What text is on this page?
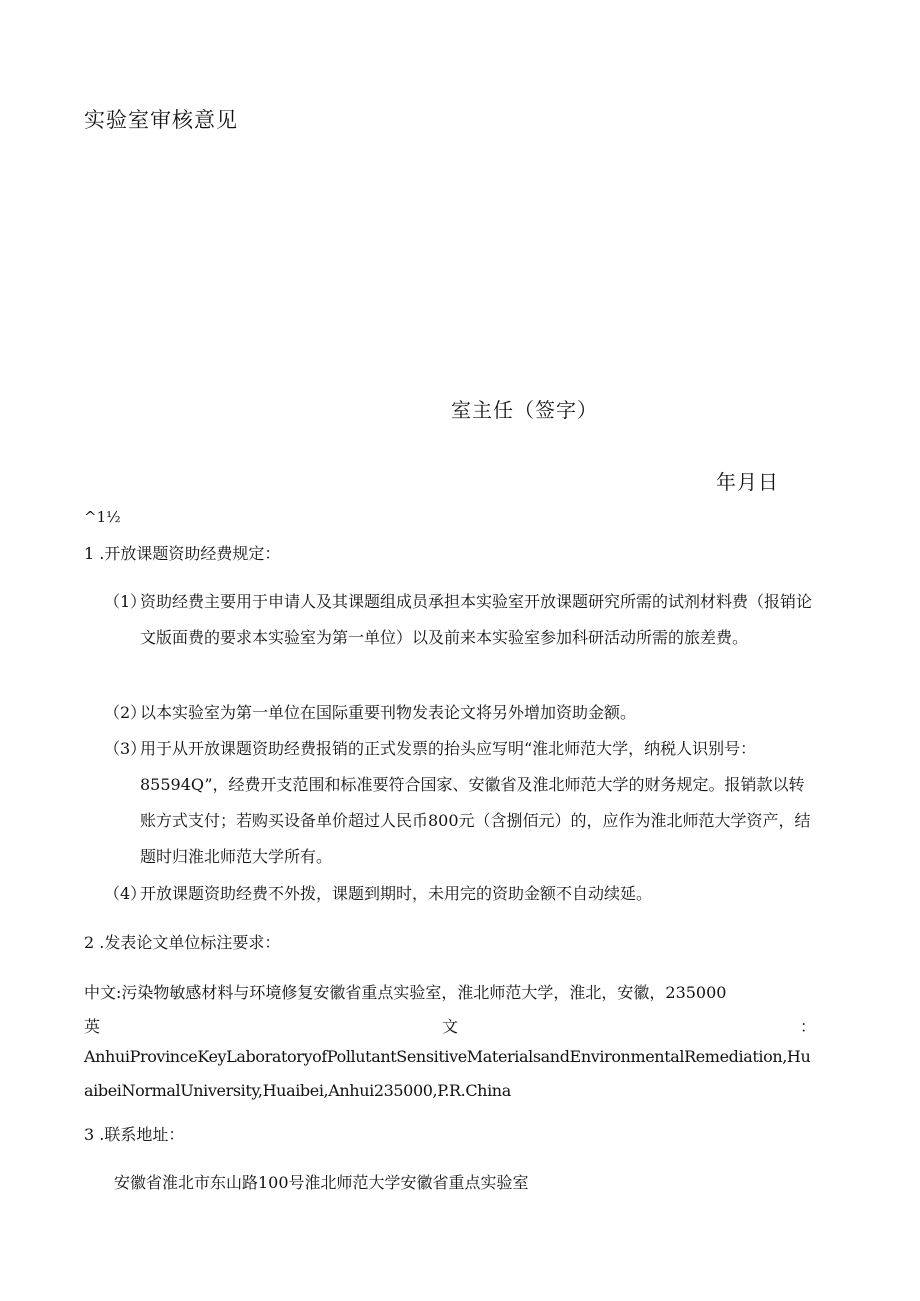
实验室审核意见
室主任（签字）
年月日
^1½
1 .开放课题资助经费规定：
（1）
资助经费主要用于申请人及其课题组成员承担本实验室开放课题研究所需的试剂材料费（报销论文版面费的要求本实验室为第一单位）以及前来本实验室参加科研活动所需的旅差费。
（2）
以本实验室为第一单位在国际重要刊物发表论文将另外增加资助金额。
（3）
用于从开放课题资助经费报销的正式发票的抬头应写明“淮北师范大学，纳税人识别号：85594Q”，经费开支范围和标准要符合国家、安徽省及淮北师范大学的财务规定。报销款以转账方式支付；若购买设备单价超过人民币800元（含捌佰元）的，应作为淮北师范大学资产，结题时归淮北师范大学所有。
（4）
开放课题资助经费不外拨，课题到期时，未用完的资助金额不自动续延。
2 .发表论文单位标注要求：
中文:污染物敏感材料与环境修复安徽省重点实验室，淮北师范大学，淮北，安徽，235000
英	文	：
AnhuiProvinceKeyLaboratoryofPollutantSensitiveMaterialsandEnvironmentalRemediation,HuaibeiNormalUniversity,Huaibei,Anhui235000,P.R.China
3 .联系地址：
安徽省淮北市东山路100号淮北师范大学安徽省重点实验室
